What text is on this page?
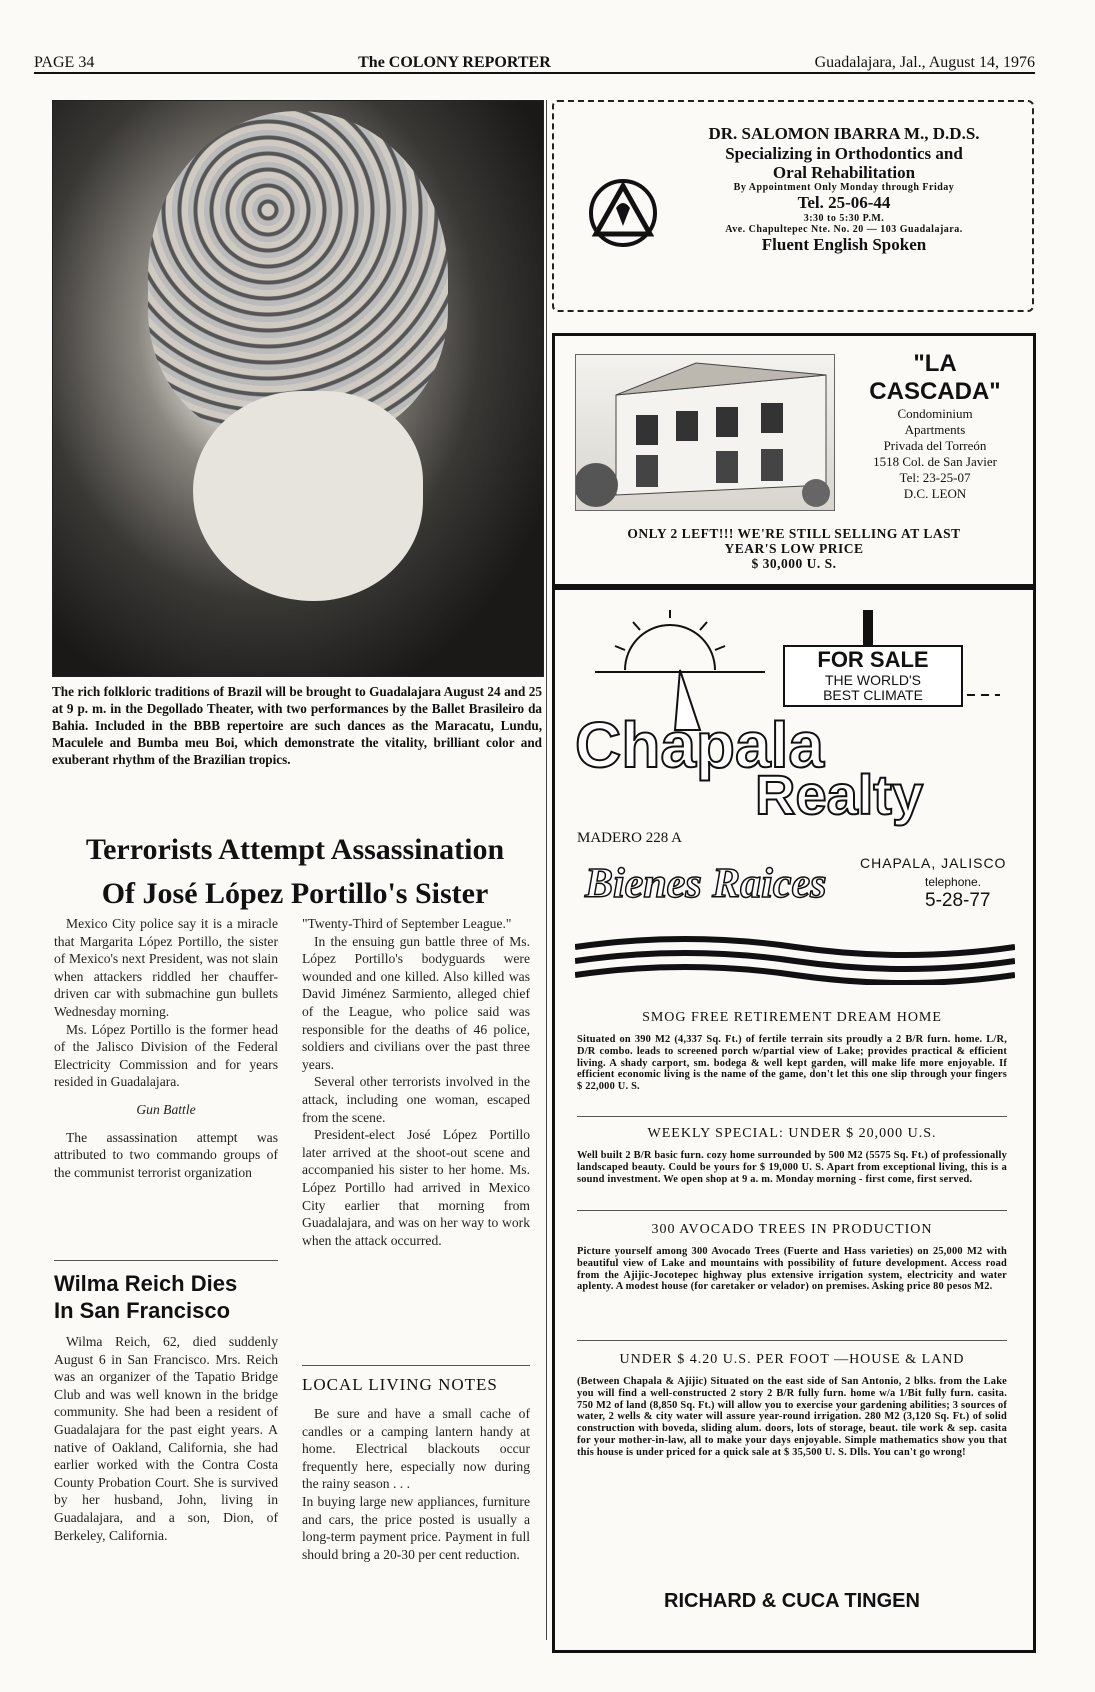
PAGE 34	The COLONY REPORTER	Guadalajara, Jal., August 14, 1976
The rich folkloric traditions of Brazil will be brought to Guadalajara August 24 and 25 at 9 p. m. in the Degollado Theater, with two performances by the Ballet Brasileiro da Bahia. Included in the BBB repertoire are such dances as the Maracatu, Lundu, Maculele and Bumba meu Boi, which demonstrate the vitality, brilliant color and exuberant rhythm of the Brazilian tropics.
Terrorists Attempt Assassination
Of José López Portillo's Sister

Mexico City police say it is a miracle that Margarita López Portillo, the sister of Mexico's next President, was not slain when attackers riddled her chauffer-driven car with submachine gun bullets Wednesday morning.

Ms. López Portillo is the former head of the Jalisco Division of the Federal Electricity Commission and for years resided in Guadalajara.

Gun Battle

The assassination attempt was attributed to two commando groups of the communist terrorist organization

"Twenty-Third of September League."

In the ensuing gun battle three of Ms. López Portillo's bodyguards were wounded and one killed. Also killed was David Jiménez Sarmiento, alleged chief of the League, who police said was responsible for the deaths of 46 police, soldiers and civilians over the past three years.

Several other terrorists involved in the attack, including one woman, escaped from the scene.

President-elect José López Portillo later arrived at the shoot-out scene and accompanied his sister to her home. Ms. López Portillo had arrived in Mexico City earlier that morning from Guadalajara, and was on her way to work when the attack occurred.

Wilma Reich Dies
In San Francisco

Wilma Reich, 62, died suddenly August 6 in San Francisco. Mrs. Reich was an organizer of the Tapatio Bridge Club and was well known in the bridge community. She had been a resident of Guadalajara for the past eight years. A native of Oakland, California, she had earlier worked with the Contra Costa County Probation Court. She is survived by her husband, John, living in Guadalajara, and a son, Dion, of Berkeley, California.

LOCAL LIVING NOTES

Be sure and have a small cache of candles or a camping lantern handy at home. Electrical blackouts occur frequently here, especially now during the rainy season . . .

In buying large new appliances, furniture and cars, the price posted is usually a long-term payment price. Payment in full should bring a 20-30 per cent reduction.

DR. SALOMON IBARRA M., D.D.S.
Specializing in Orthodontics and
Oral Rehabilitation
By Appointment Only Monday through Friday
Tel. 25-06-44
3:30 to 5:30 P.M.
Ave. Chapultepec Nte. No. 20 — 103 Guadalajara.
Fluent English Spoken
"LA CASCADA"
Condominium
Apartments
Privada del Torreón
1518 Col. de San Javier
Tel: 23-25-07
D.C. LEON
ONLY 2 LEFT!!! WE'RE STILL SELLING AT LAST
YEAR'S LOW PRICE
$ 30,000 U. S.
FOR SALE
THE WORLD'S
BEST CLIMATE
Chapala
Realty
MADERO 228 A
CHAPALA, JALISCO
Bienes Raices	telephone.
5-28-77
SMOG FREE RETIREMENT DREAM HOME

Situated on 390 M2 (4,337 Sq. Ft.) of fertile terrain sits proudly a 2 B/R furn. home. L/R, D/R combo. leads to screened porch w/partial view of Lake; provides practical & efficient living. A shady carport, sm. bodega & well kept garden, will make life more enjoyable. If efficient economic living is the name of the game, don't let this one slip through your fingers $ 22,000 U. S.

WEEKLY SPECIAL: UNDER $ 20,000 U.S.

Well built 2 B/R basic furn. cozy home surrounded by 500 M2 (5575 Sq. Ft.) of professionally landscaped beauty. Could be yours for $ 19,000 U. S. Apart from exceptional living, this is a sound investment. We open shop at 9 a. m. Monday morning - first come, first served.

300 AVOCADO TREES IN PRODUCTION

Picture yourself among 300 Avocado Trees (Fuerte and Hass varieties) on 25,000 M2 with beautiful view of Lake and mountains with possibility of future development. Access road from the Ajijic-Jocotepec highway plus extensive irrigation system, electricity and water aplenty. A modest house (for caretaker or velador) on premises. Asking price 80 pesos M2.

UNDER $ 4.20 U.S. PER FOOT —HOUSE & LAND

(Between Chapala & Ajijic) Situated on the east side of San Antonio, 2 blks. from the Lake you will find a well-constructed 2 story 2 B/R fully furn. home w/a 1/Bit fully furn. casita. 750 M2 of land (8,850 Sq. Ft.) will allow you to exercise your gardening abilities; 3 sources of water, 2 wells & city water will assure year-round irrigation. 280 M2 (3,120 Sq. Ft.) of solid construction with boveda, sliding alum. doors, lots of storage, beaut. tile work & sep. casita for your mother-in-law, all to make your days enjoyable. Simple mathematics show you that this house is under priced for a quick sale at $ 35,500 U. S. Dlls. You can't go wrong!

RICHARD & CUCA TINGEN
